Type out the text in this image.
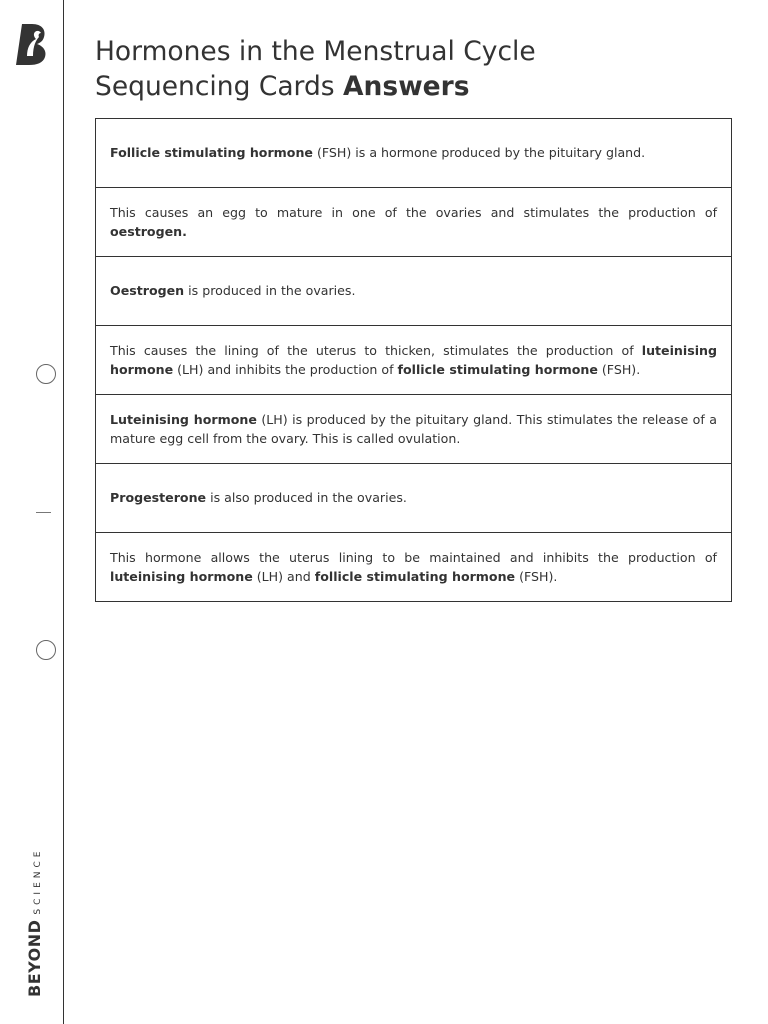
BEYONDSCIENCE
Hormones in the Menstrual Cycle
Sequencing Cards Answers

Follicle stimulating hormone (FSH) is a hormone produced by the pituitary gland.

This causes an egg to mature in one of the ovaries and stimulates the production of oestrogen.

Oestrogen is produced in the ovaries.

This causes the lining of the uterus to thicken, stimulates the production of luteinising hormone (LH) and inhibits the production of follicle stimulating hormone (FSH).

Luteinising hormone (LH) is produced by the pituitary gland. This stimulates the release of a mature egg cell from the ovary. This is called ovulation.

Progesterone is also produced in the ovaries.

This hormone allows the uterus lining to be maintained and inhibits the production of luteinising hormone (LH) and follicle stimulating hormone (FSH).
